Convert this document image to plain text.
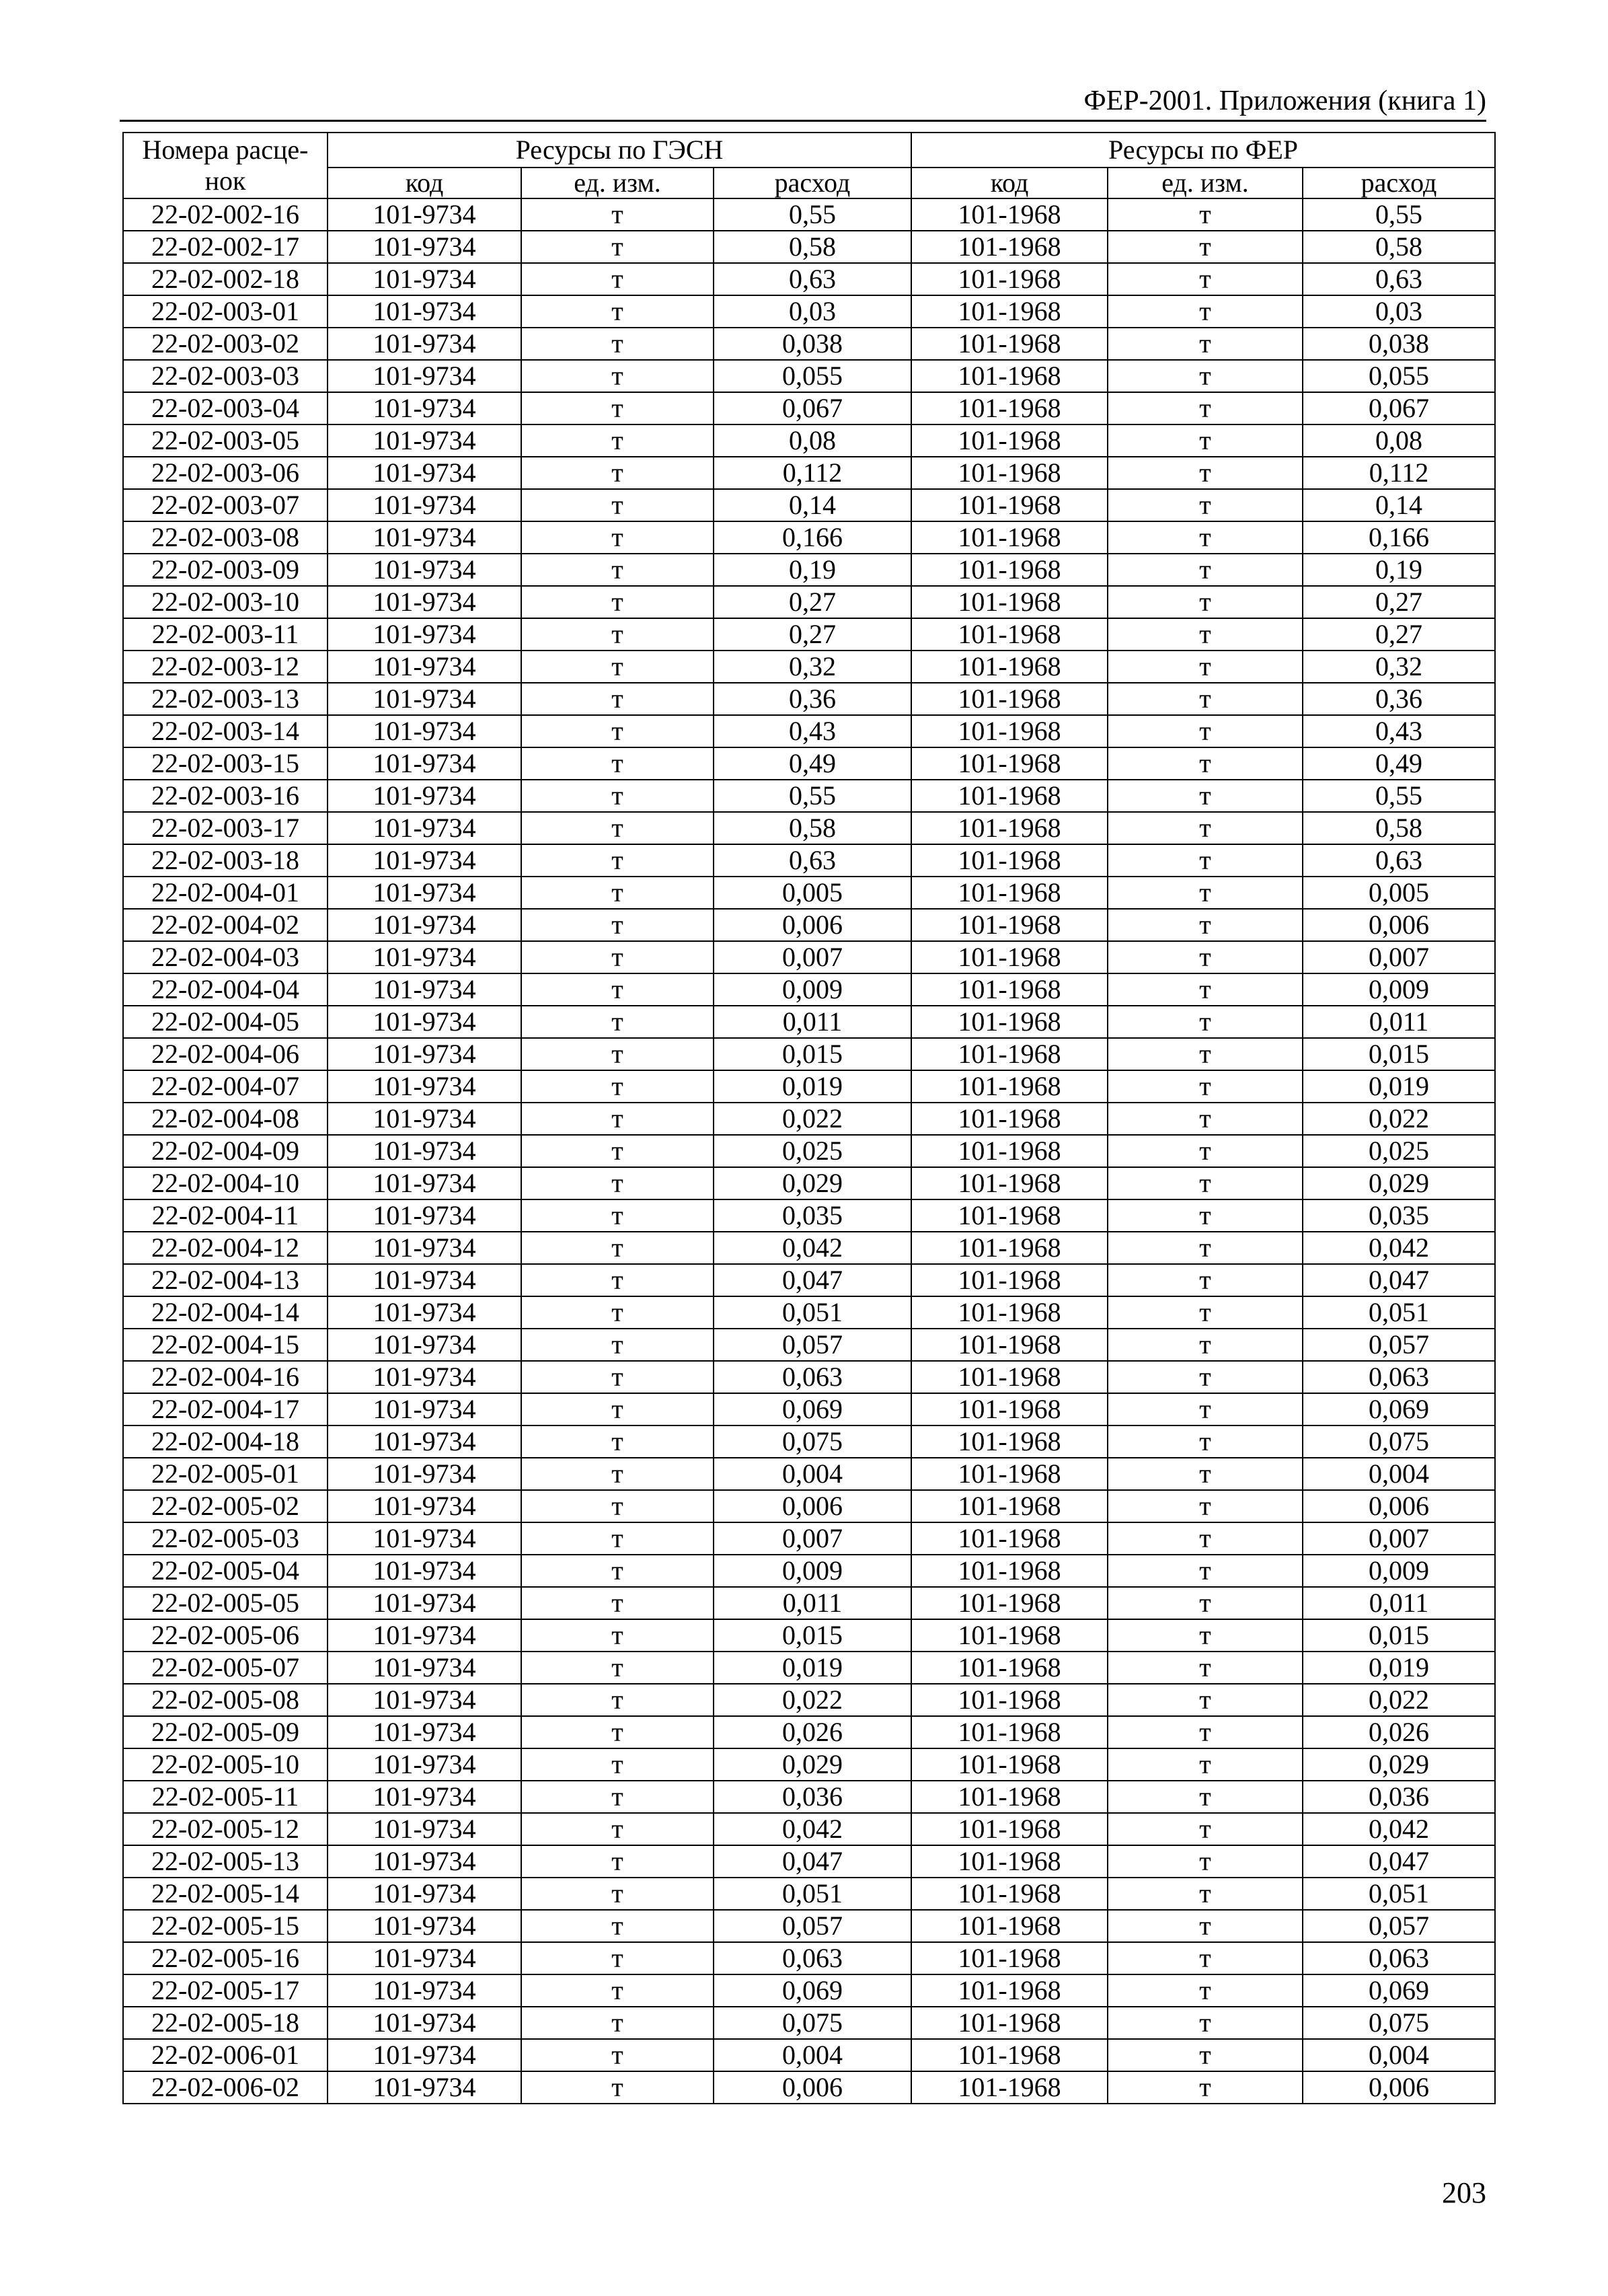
ФЕР-2001. Приложения (книга 1)
Номера расце-
нок	Ресурсы по ГЭСН			Ресурсы по ФЕР		
	код	ед. изм.	расход	код	ед. изм.	расход
22-02-002-16	101-9734	т	0,55	101-1968	т	0,55
22-02-002-17	101-9734	т	0,58	101-1968	т	0,58
22-02-002-18	101-9734	т	0,63	101-1968	т	0,63
22-02-003-01	101-9734	т	0,03	101-1968	т	0,03
22-02-003-02	101-9734	т	0,038	101-1968	т	0,038
22-02-003-03	101-9734	т	0,055	101-1968	т	0,055
22-02-003-04	101-9734	т	0,067	101-1968	т	0,067
22-02-003-05	101-9734	т	0,08	101-1968	т	0,08
22-02-003-06	101-9734	т	0,112	101-1968	т	0,112
22-02-003-07	101-9734	т	0,14	101-1968	т	0,14
22-02-003-08	101-9734	т	0,166	101-1968	т	0,166
22-02-003-09	101-9734	т	0,19	101-1968	т	0,19
22-02-003-10	101-9734	т	0,27	101-1968	т	0,27
22-02-003-11	101-9734	т	0,27	101-1968	т	0,27
22-02-003-12	101-9734	т	0,32	101-1968	т	0,32
22-02-003-13	101-9734	т	0,36	101-1968	т	0,36
22-02-003-14	101-9734	т	0,43	101-1968	т	0,43
22-02-003-15	101-9734	т	0,49	101-1968	т	0,49
22-02-003-16	101-9734	т	0,55	101-1968	т	0,55
22-02-003-17	101-9734	т	0,58	101-1968	т	0,58
22-02-003-18	101-9734	т	0,63	101-1968	т	0,63
22-02-004-01	101-9734	т	0,005	101-1968	т	0,005
22-02-004-02	101-9734	т	0,006	101-1968	т	0,006
22-02-004-03	101-9734	т	0,007	101-1968	т	0,007
22-02-004-04	101-9734	т	0,009	101-1968	т	0,009
22-02-004-05	101-9734	т	0,011	101-1968	т	0,011
22-02-004-06	101-9734	т	0,015	101-1968	т	0,015
22-02-004-07	101-9734	т	0,019	101-1968	т	0,019
22-02-004-08	101-9734	т	0,022	101-1968	т	0,022
22-02-004-09	101-9734	т	0,025	101-1968	т	0,025
22-02-004-10	101-9734	т	0,029	101-1968	т	0,029
22-02-004-11	101-9734	т	0,035	101-1968	т	0,035
22-02-004-12	101-9734	т	0,042	101-1968	т	0,042
22-02-004-13	101-9734	т	0,047	101-1968	т	0,047
22-02-004-14	101-9734	т	0,051	101-1968	т	0,051
22-02-004-15	101-9734	т	0,057	101-1968	т	0,057
22-02-004-16	101-9734	т	0,063	101-1968	т	0,063
22-02-004-17	101-9734	т	0,069	101-1968	т	0,069
22-02-004-18	101-9734	т	0,075	101-1968	т	0,075
22-02-005-01	101-9734	т	0,004	101-1968	т	0,004
22-02-005-02	101-9734	т	0,006	101-1968	т	0,006
22-02-005-03	101-9734	т	0,007	101-1968	т	0,007
22-02-005-04	101-9734	т	0,009	101-1968	т	0,009
22-02-005-05	101-9734	т	0,011	101-1968	т	0,011
22-02-005-06	101-9734	т	0,015	101-1968	т	0,015
22-02-005-07	101-9734	т	0,019	101-1968	т	0,019
22-02-005-08	101-9734	т	0,022	101-1968	т	0,022
22-02-005-09	101-9734	т	0,026	101-1968	т	0,026
22-02-005-10	101-9734	т	0,029	101-1968	т	0,029
22-02-005-11	101-9734	т	0,036	101-1968	т	0,036
22-02-005-12	101-9734	т	0,042	101-1968	т	0,042
22-02-005-13	101-9734	т	0,047	101-1968	т	0,047
22-02-005-14	101-9734	т	0,051	101-1968	т	0,051
22-02-005-15	101-9734	т	0,057	101-1968	т	0,057
22-02-005-16	101-9734	т	0,063	101-1968	т	0,063
22-02-005-17	101-9734	т	0,069	101-1968	т	0,069
22-02-005-18	101-9734	т	0,075	101-1968	т	0,075
22-02-006-01	101-9734	т	0,004	101-1968	т	0,004
22-02-006-02	101-9734	т	0,006	101-1968	т	0,006
203
